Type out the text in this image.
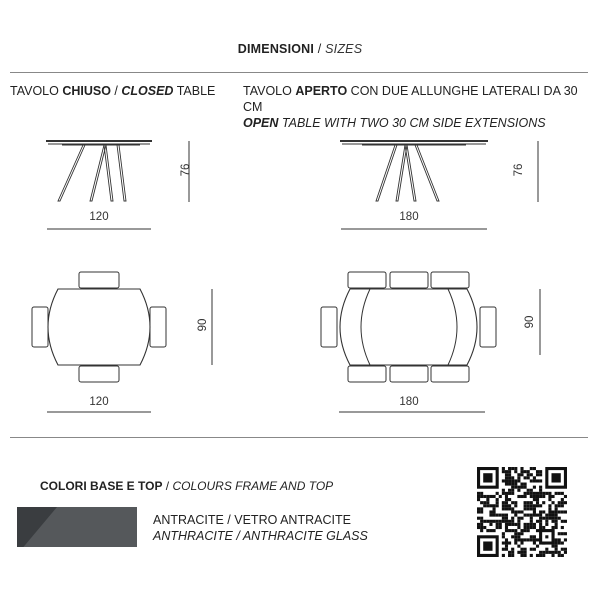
DIMENSIONI / SIZES
TAVOLO CHIUSO / CLOSED TABLE TAVOLO APERTO CON DUE ALLUNGHE LATERALI DA 30 CM
OPEN TABLE WITH TWO 30 CM SIDE EXTENSIONS
76
120
76
180
90
120
90
180
COLORI BASE E TOP / COLOURS FRAME AND TOP
ANTRACITE / VETRO ANTRACITE
ANTHRACITE / ANTHRACITE GLASS
